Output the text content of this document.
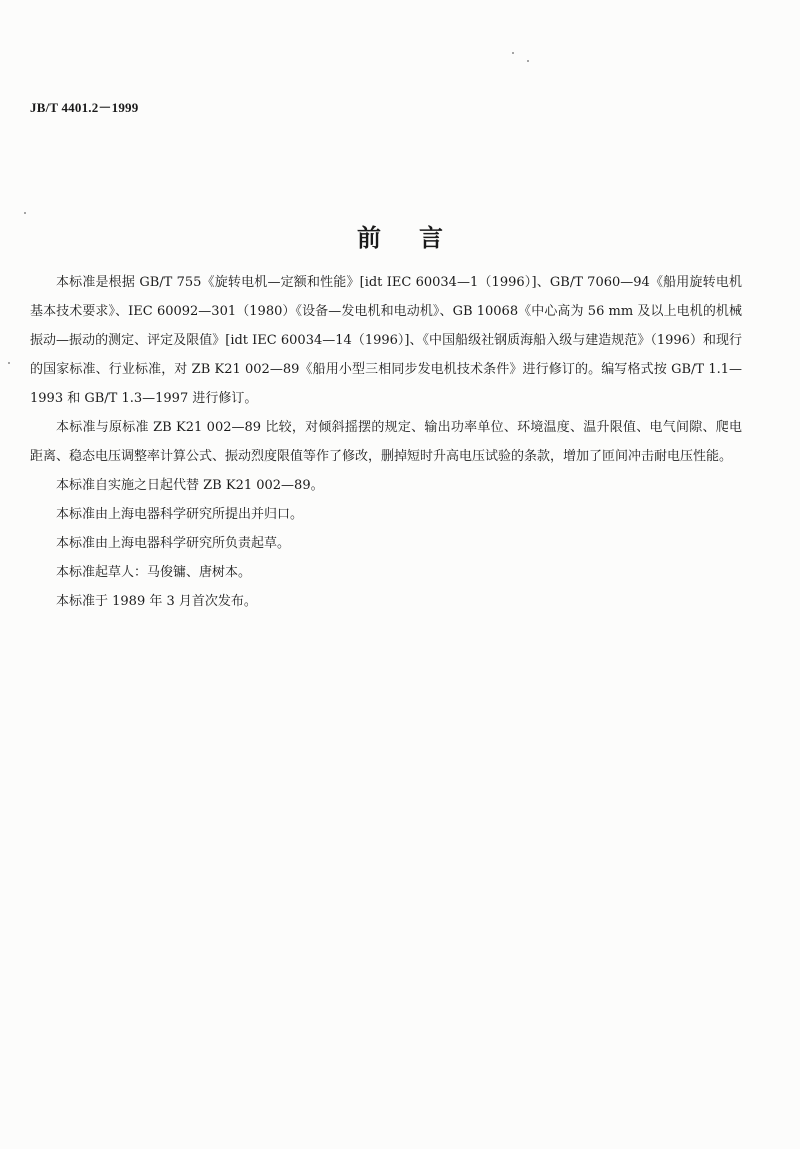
JB/T 4401.2－1999
前言

本标准是根据 GB/T 755《旋转电机—定额和性能》[idt IEC 60034—1（1996）]、GB/T 7060—94《船用旋转电机基本技术要求》、IEC 60092—301（1980）《设备—发电机和电动机》、GB 10068《中心高为 56 mm 及以上电机的机械振动—振动的测定、评定及限值》[idt IEC 60034—14（1996）]、《中国船级社钢质海船入级与建造规范》（1996）和现行的国家标准、行业标准，对 ZB K21 002—89《船用小型三相同步发电机技术条件》进行修订的。编写格式按 GB/T 1.1—1993 和 GB/T 1.3—1997 进行修订。

本标准与原标准 ZB K21 002—89 比较，对倾斜摇摆的规定、输出功率单位、环境温度、温升限值、电气间隙、爬电距离、稳态电压调整率计算公式、振动烈度限值等作了修改，删掉短时升高电压试验的条款，增加了匝间冲击耐电压性能。

本标准自实施之日起代替 ZB K21 002—89。

本标准由上海电器科学研究所提出并归口。

本标准由上海电器科学研究所负责起草。

本标准起草人：马俊镛、唐树本。

本标准于 1989 年 3 月首次发布。
